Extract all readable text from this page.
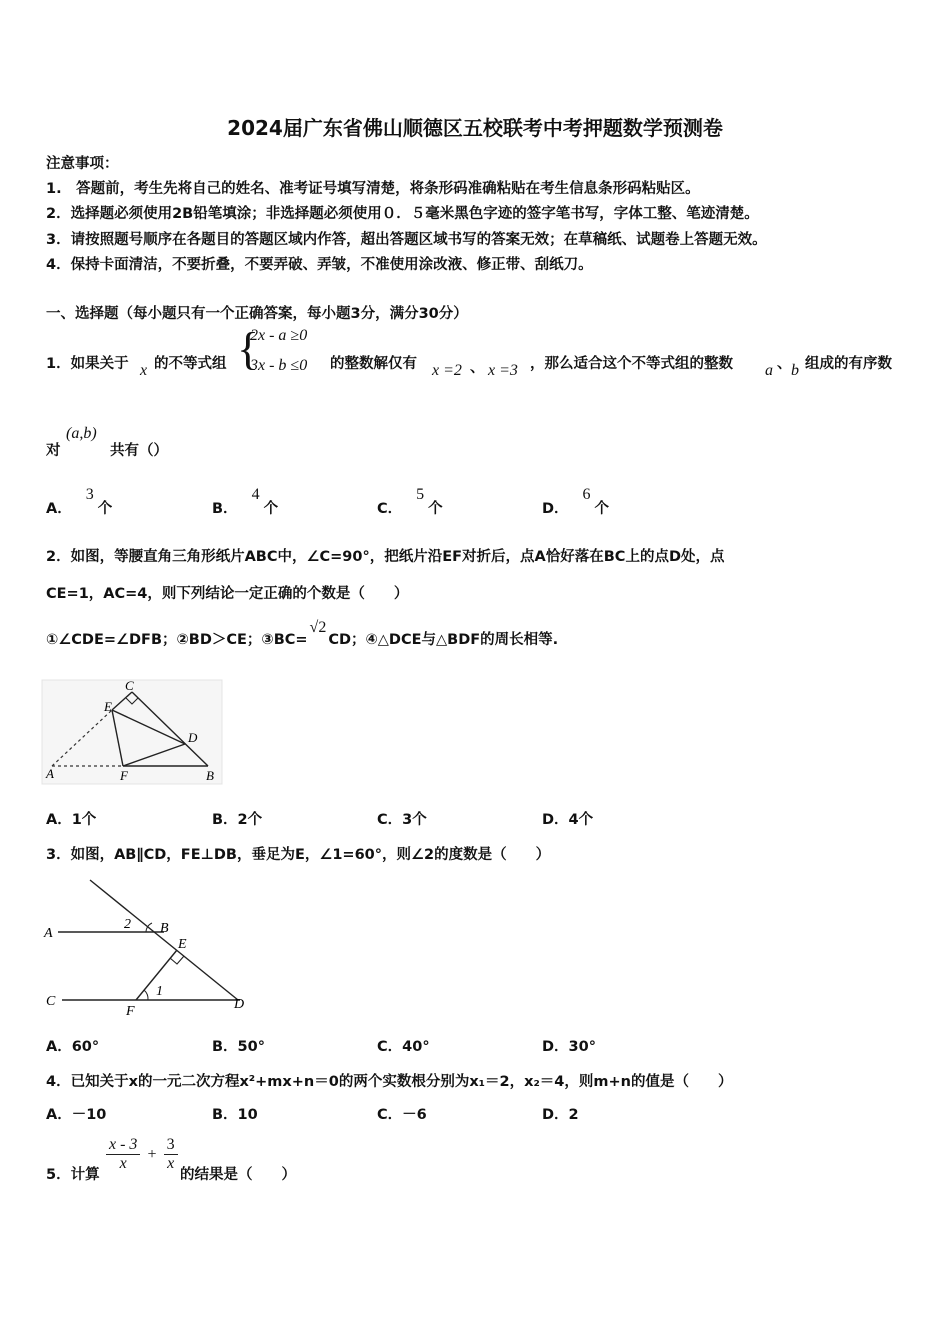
2024届广东省佛山顺德区五校联考中考押题数学预测卷
注意事项：
1.　答题前，考生先将自己的姓名、准考证号填写清楚，将条形码准确粘贴在考生信息条形码粘贴区。
2．选择题必须使用2B铅笔填涂；非选择题必须使用０．５毫米黑色字迹的签字笔书写，字体工整、笔迹清楚。
3．请按照题号顺序在各题目的答题区域内作答，超出答题区域书写的答案无效；在草稿纸、试题卷上答题无效。
4．保持卡面清洁，不要折叠，不要弄破、弄皱，不准使用涂改液、修正带、刮纸刀。
一、选择题（每小题只有一个正确答案，每小题3分，满分30分）
1．如果关于 x 的不等式组 {
2x - a ≥0
3x - b ≤0 的整数解仅有 x =2 、 x =3 ，那么适合这个不等式组的整数 a 、 b 组成的有序数
对
(a,b)
共有（）
A．3个	B．4个	C．5个	D．6个
2．如图，等腰直角三角形纸片ABC中，∠C=90°，把纸片沿EF对折后，点A恰好落在BC上的点D处，点
CE=1，AC=4，则下列结论一定正确的个数是（　　）
①∠CDE=∠DFB；②BD＞CE；③BC=√2CD；④△DCE与△BDF的周长相等.
C
E
D
A	F	B
A．1个	B．2个	C．3个	D．4个
3．如图，AB∥CD，FE⊥DB，垂足为E，∠1=60°，则∠2的度数是（　　）
A
2 B
E
1
C
F	D
A．60°	B．50°	C．40°	D．30°
4．已知关于x的一元二次方程x²+mx+n＝0的两个实数根分别为x₁＝2，x₂＝4，则m+n的值是（　　）
A．－10	B．10	C．－6	D．2
5．计算
$\frac{x - 3}{x} + \frac{3}{x}$
的结果是（　　）
